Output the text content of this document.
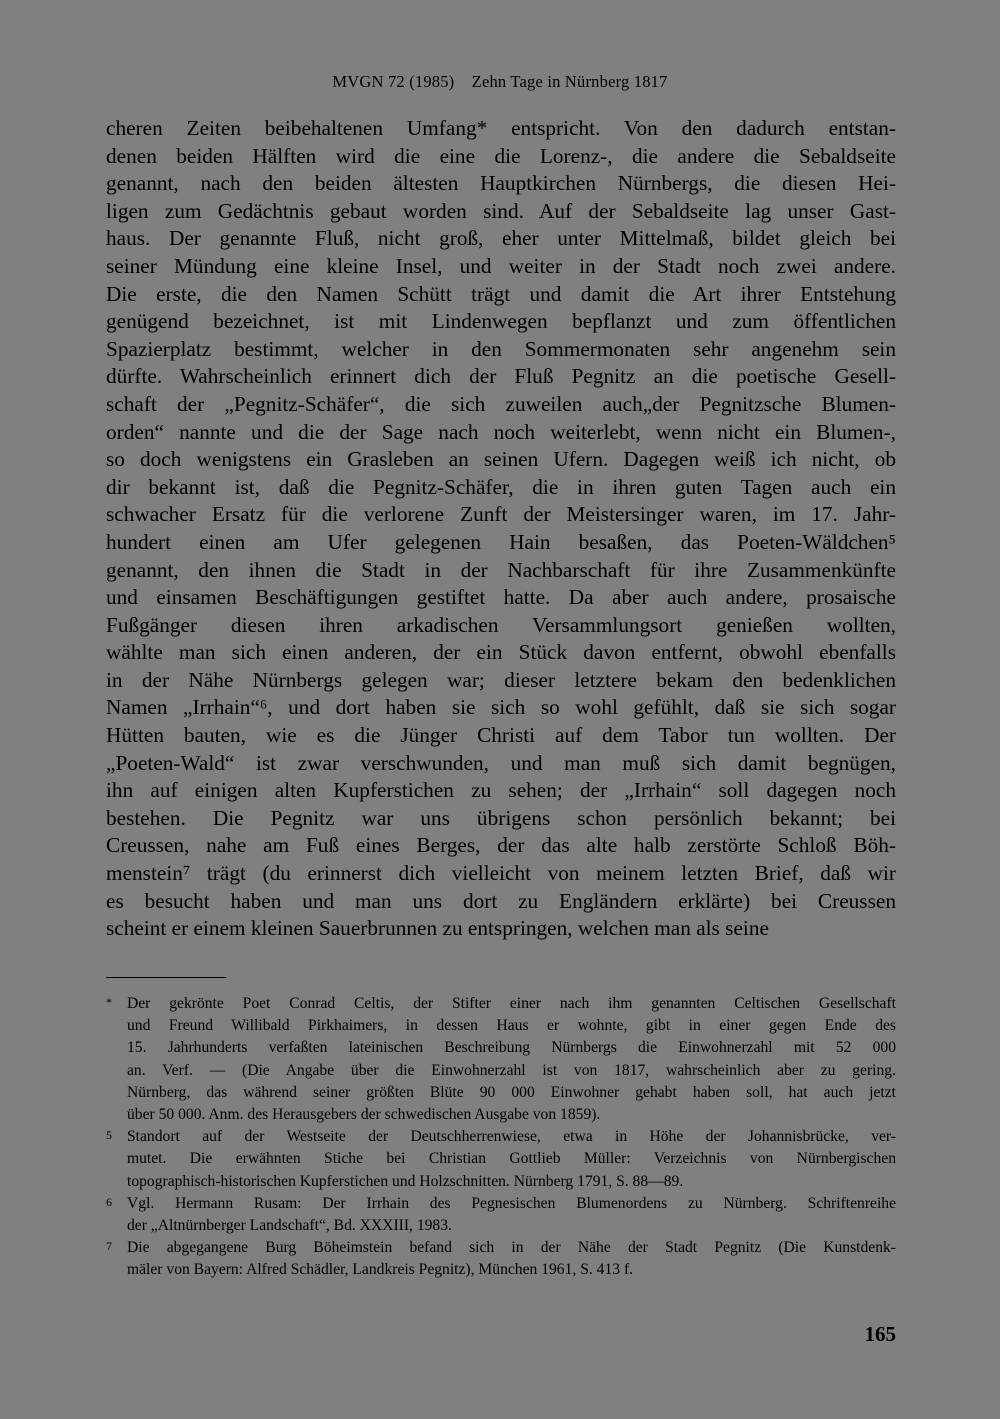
MVGN 72 (1985)    Zehn Tage in Nürnberg 1817
cheren Zeiten beibehaltenen Umfang* entspricht. Von den dadurch entstan-
denen beiden Hälften wird die eine die Lorenz-, die andere die Sebaldseite
genannt, nach den beiden ältesten Hauptkirchen Nürnbergs, die diesen Hei-
ligen zum Gedächtnis gebaut worden sind. Auf der Sebaldseite lag unser Gast-
haus. Der genannte Fluß, nicht groß, eher unter Mittelmaß, bildet gleich bei
seiner Mündung eine kleine Insel, und weiter in der Stadt noch zwei andere.
Die erste, die den Namen Schütt trägt und damit die Art ihrer Entstehung
genügend bezeichnet, ist mit Lindenwegen bepflanzt und zum öffentlichen
Spazierplatz bestimmt, welcher in den Sommermonaten sehr angenehm sein
dürfte. Wahrscheinlich erinnert dich der Fluß Pegnitz an die poetische Gesell-
schaft der „Pegnitz-Schäfer“, die sich zuweilen auch„der Pegnitzsche Blumen-
orden“ nannte und die der Sage nach noch weiterlebt, wenn nicht ein Blumen-,
so doch wenigstens ein Grasleben an seinen Ufern. Dagegen weiß ich nicht, ob
dir bekannt ist, daß die Pegnitz-Schäfer, die in ihren guten Tagen auch ein
schwacher Ersatz für die verlorene Zunft der Meistersinger waren, im 17. Jahr-
hundert einen am Ufer gelegenen Hain besaßen, das Poeten-Wäldchen⁵
genannt, den ihnen die Stadt in der Nachbarschaft für ihre Zusammenkünfte
und einsamen Beschäftigungen gestiftet hatte. Da aber auch andere, prosaische
Fußgänger diesen ihren arkadischen Versammlungsort genießen wollten,
wählte man sich einen anderen, der ein Stück davon entfernt, obwohl ebenfalls
in der Nähe Nürnbergs gelegen war; dieser letztere bekam den bedenklichen
Namen „Irrhain“⁶, und dort haben sie sich so wohl gefühlt, daß sie sich sogar
Hütten bauten, wie es die Jünger Christi auf dem Tabor tun wollten. Der
„Poeten-Wald“ ist zwar verschwunden, und man muß sich damit begnügen,
ihn auf einigen alten Kupferstichen zu sehen; der „Irrhain“ soll dagegen noch
bestehen. Die Pegnitz war uns übrigens schon persönlich bekannt; bei
Creussen, nahe am Fuß eines Berges, der das alte halb zerstörte Schloß Böh-
menstein⁷ trägt (du erinnerst dich vielleicht von meinem letzten Brief, daß wir
es besucht haben und man uns dort zu Engländern erklärte) bei Creussen
scheint er einem kleinen Sauerbrunnen zu entspringen, welchen man als seine
* Der gekrönte Poet Conrad Celtis, der Stifter einer nach ihm genannten Celtischen Gesellschaft
und Freund Willibald Pirkhaimers, in dessen Haus er wohnte, gibt in einer gegen Ende des
15. Jahrhunderts verfaßten lateinischen Beschreibung Nürnbergs die Einwohnerzahl mit 52 000
an. Verf. — (Die Angabe über die Einwohnerzahl ist von 1817, wahrscheinlich aber zu gering.
Nürnberg, das während seiner größten Blüte 90 000 Einwohner gehabt haben soll, hat auch jetzt
über 50 000. Anm. des Herausgebers der schwedischen Ausgabe von 1859).
5 Standort auf der Westseite der Deutschherrenwiese, etwa in Höhe der Johannisbrücke, ver-
mutet. Die erwähnten Stiche bei Christian Gottlieb Müller: Verzeichnis von Nürnbergischen
topographisch-historischen Kupferstichen und Holzschnitten. Nürnberg 1791, S. 88—89.
6 Vgl. Hermann Rusam: Der Irrhain des Pegnesischen Blumenordens zu Nürnberg. Schriftenreihe
der „Altnürnberger Landschaft“, Bd. XXXIII, 1983.
7 Die abgegangene Burg Böheimstein befand sich in der Nähe der Stadt Pegnitz (Die Kunstdenk-
mäler von Bayern: Alfred Schädler, Landkreis Pegnitz), München 1961, S. 413 f.
165
